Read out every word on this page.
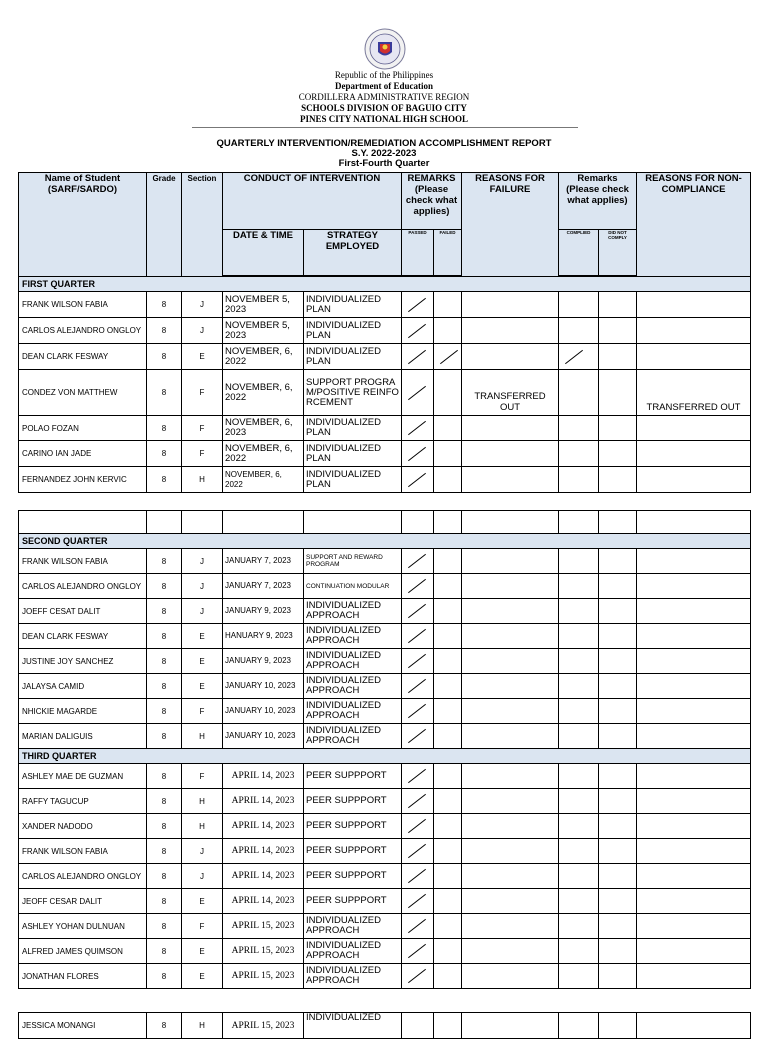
Republic of the Philippines
Department of Education
CORDILLERA ADMINISTRATIVE REGION
SCHOOLS DIVISION OF BAGUIO CITY
PINES CITY NATIONAL HIGH SCHOOL
QUARTERLY INTERVENTION/REMEDIATION ACCOMPLISHMENT REPORT
S.Y. 2022-2023
First-Fourth Quarter
Name of Student (SARF/SARDO)	Grade	Section	CONDUCT OF INTERVENTION		REMARKS (Please check what applies)		REASONS FOR FAILURE	Remarks (Please check what applies)		REASONS FOR NON-COMPLIANCE
			DATE & TIME	STRATEGY EMPLOYED	PASSED	FAILED		COMPLIED	DID NOT COMPLY	

FIRST QUARTER										
FRANK WILSON FABIA	8	J	NOVEMBER 5, 2023	INDIVIDUALIZED PLAN						
CARLOS ALEJANDRO ONGLOY	8	J	NOVEMBER 5, 2023	INDIVIDUALIZED PLAN						
DEAN CLARK FESWAY	8	E	NOVEMBER, 6, 2022	INDIVIDUALIZED PLAN						
CONDEZ VON MATTHEW	8	F	NOVEMBER, 6, 2022	SUPPORT PROGRAM/POSITIVE REINFORCEMENT			TRANSFERRED OUT			TRANSFERRED OUT
POLAO FOZAN	8	F	NOVEMBER, 6, 2023	INDIVIDUALIZED PLAN						
CARINO IAN JADE	8	F	NOVEMBER, 6, 2022	INDIVIDUALIZED PLAN						
FERNANDEZ JOHN KERVIC	8	H	NOVEMBER, 6, 2022	INDIVIDUALIZED PLAN						

SECOND QUARTER										
FRANK WILSON FABIA	8	J	JANUARY 7, 2023	SUPPORT AND REWARD PROGRAM						
CARLOS ALEJANDRO ONGLOY	8	J	JANUARY 7, 2023	CONTINUATION MODULAR						
JOEFF CESAT DALIT	8	J	JANUARY 9, 2023	INDIVIDUALIZED APPROACH						
DEAN CLARK FESWAY	8	E	HANUARY 9, 2023	INDIVIDUALIZED APPROACH						
JUSTINE JOY SANCHEZ	8	E	JANUARY 9, 2023	INDIVIDUALIZED APPROACH						
JALAYSA CAMID	8	E	JANUARY 10, 2023	INDIVIDUALIZED APPROACH						
NHICKIE MAGARDE	8	F	JANUARY 10, 2023	INDIVIDUALIZED APPROACH						
MARIAN DALIGUIS	8	H	JANUARY 10, 2023	INDIVIDUALIZED APPROACH						
THIRD QUARTER										
ASHLEY MAE DE GUZMAN	8	F	APRIL 14, 2023	PEER SUPPPORT						
RAFFY TAGUCUP	8	H	APRIL 14, 2023	PEER SUPPPORT						
XANDER NADODO	8	H	APRIL 14, 2023	PEER SUPPPORT						
FRANK WILSON FABIA	8	J	APRIL 14, 2023	PEER SUPPPORT						
CARLOS ALEJANDRO ONGLOY	8	J	APRIL 14, 2023	PEER SUPPPORT						
JEOFF CESAR DALIT	8	E	APRIL 14, 2023	PEER SUPPPORT						
ASHLEY YOHAN DULNUAN	8	F	APRIL 15, 2023	INDIVIDUALIZED APPROACH						
ALFRED JAMES QUIMSON	8	E	APRIL 15, 2023	INDIVIDUALIZED APPROACH						
JONATHAN FLORES	8	E	APRIL 15, 2023	INDIVIDUALIZED APPROACH						
JESSICA MONANGI	8	H	APRIL 15, 2023	INDIVIDUALIZED						
